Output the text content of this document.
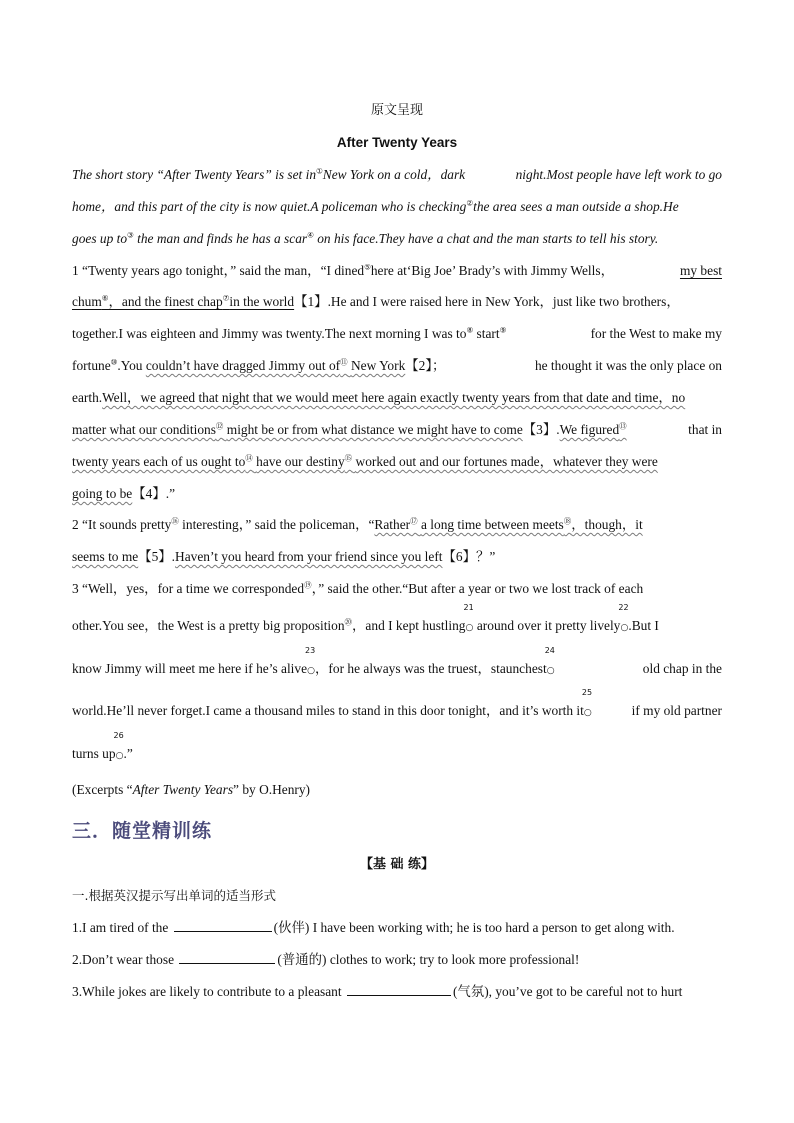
原文呈现
After Twenty Years
The short story “After Twenty Years” is set in①New York on a cold，dark	night.Most people have left work to go
home，and this part of the city is now quiet.A policeman who is checking②the area sees a man outside a shop.He
goes up to③ the man and finds he has a scar④ on his face.They have a chat and the man starts to tell his story.
1 “Twenty years ago tonight，” said the man，“I dined⑤here at‘Big Joe’ Brady’s with Jimmy Wells，	my best
chum⑥，and the finest chap⑦in the world【1】.He and I were raised here in New York，just like two brothers，
together.I was eighteen and Jimmy was twenty.The next morning I was to⑧ start⑨	for the West to make my
fortune⑩.You couldn’t have dragged Jimmy out of⑪ New York【2】；	he thought it was the only place on
earth.Well，we agreed that night that we would meet here again exactly twenty years from that date and time，no
matter what our conditions⑫ might be or from what distance we might have to come【3】.We figured⑬	that in
twenty years each of us ought to⑭ have our destiny⑮ worked out and our fortunes made，whatever they were
going to be【4】.”
2 “It sounds pretty⑯ interesting，” said the policeman，“Rather⑰ a long time between meets⑱，though，it
seems to me【5】.Haven’t you heard from your friend since you left【6】？”
3 “Well，yes，for a time we corresponded⑲，” said the other.“But after a year or two we lost track of each
other.You see，the West is a pretty big proposition⑳，and I kept hustling
21
○ around over it pretty lively
22
○.But I
know Jimmy will meet me here if he’s alive
23
○，for he always was the truest，staunchest
24
○	old chap in the
world.He’ll never forget.I came a thousand miles to stand in this door tonight，and it’s worth it
25
○	if my old partner
turns up
26
○.”
(Excerpts “After Twenty Years” by O.Henry)
三．随堂精训练
【基 础 练】
一.根据英汉提示写出单词的适当形式
1.I am tired of the	(伙伴) I have been working with; he is too hard a person to get along with.
2.Don’t wear those	(普通的) clothes to work; try to look more professional!
3.While jokes are likely to contribute to a pleasant	(气氛), you’ve got to be careful not to hurt
